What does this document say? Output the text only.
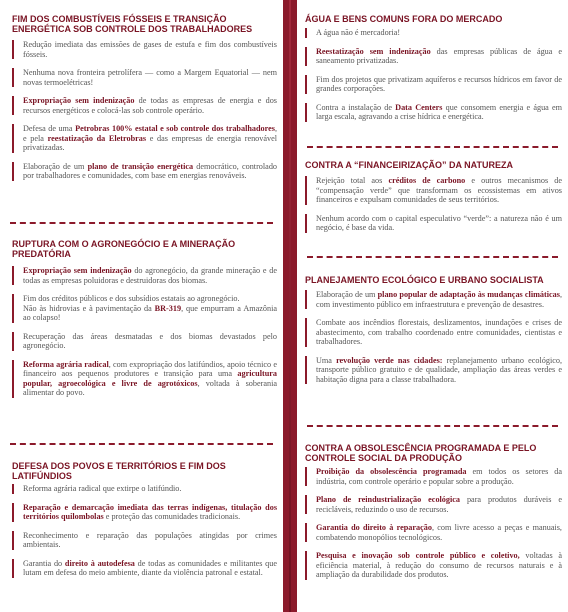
FIM DOS COMBUSTÍVEIS FÓSSEIS E TRANSIÇÃO ENERGÉTICA SOB CONTROLE DOS TRABALHADORES
Redução imediata das emissões de gases de estufa e fim dos combustíveis fósseis.
Nenhuma nova fronteira petrolífera — como a Margem Equatorial — nem novas termoelétricas!
Expropriação sem indenização de todas as empresas de energia e dos recursos energéticos e colocá-las sob controle operário.
Defesa de uma Petrobras 100% estatal e sob controle dos trabalhadores, e pela reestatização da Eletrobras e das empresas de energia renovável privatizadas.
Elaboração de um plano de transição energética democrático, controlado por trabalhadores e comunidades, com base em energias renováveis.
RUPTURA COM O AGRONEGÓCIO E A MINERAÇÃO PREDATÓRIA
Expropriação sem indenização do agronegócio, da grande mineração e de todas as empresas poluidoras e destruidoras dos biomas.
Fim dos créditos públicos e dos subsídios estatais ao agronegócio.
Não às hidrovias e à pavimentação da BR-319, que empurram a Amazônia ao colapso!
Recuperação das áreas desmatadas e dos biomas devastados pelo agronegócio.
Reforma agrária radical, com expropriação dos latifúndios, apoio técnico e financeiro aos pequenos produtores e transição para uma agricultura popular, agroecológica e livre de agrotóxicos, voltada à soberania alimentar do povo.
DEFESA DOS POVOS E TERRITÓRIOS E FIM DOS LATIFÚNDIOS
Reforma agrária radical que extirpe o latifúndio.
Reparação e demarcação imediata das terras indígenas, titulação dos territórios quilombolas e proteção das comunidades tradicionais.
Reconhecimento e reparação das populações atingidas por crimes ambientais.
Garantia do direito à autodefesa de todas as comunidades e militantes que lutam em defesa do meio ambiente, diante da violência patronal e estatal.
ÁGUA E BENS COMUNS FORA DO MERCADO
A água não é mercadoria!
Reestatização sem indenização das empresas públicas de água e saneamento privatizadas.
Fim dos projetos que privatizam aquíferos e recursos hídricos em favor de grandes corporações.
Contra a instalação de Data Centers que consomem energia e água em larga escala, agravando a crise hídrica e energética.
CONTRA A “FINANCEIRIZAÇÃO” DA NATUREZA
Rejeição total aos créditos de carbono e outros mecanismos de “compensação verde” que transformam os ecossistemas em ativos financeiros e expulsam comunidades de seus territórios.
Nenhum acordo com o capital especulativo “verde”: a natureza não é um negócio, é base da vida.
PLANEJAMENTO ECOLÓGICO E URBANO SOCIALISTA
Elaboração de um plano popular de adaptação às mudanças climáticas, com investimento público em infraestrutura e prevenção de desastres.
Combate aos incêndios florestais, deslizamentos, inundações e crises de abastecimento, com trabalho coordenado entre comunidades, cientistas e trabalhadores.
Uma revolução verde nas cidades: replanejamento urbano ecológico, transporte público gratuito e de qualidade, ampliação das áreas verdes e habitação digna para a classe trabalhadora.
CONTRA A OBSOLESCÊNCIA PROGRAMADA E PELO CONTROLE SOCIAL DA PRODUÇÃO
Proibição da obsolescência programada em todos os setores da indústria, com controle operário e popular sobre a produção.
Plano de reindustrialização ecológica para produtos duráveis e recicláveis, reduzindo o uso de recursos.
Garantia do direito à reparação, com livre acesso a peças e manuais, combatendo monopólios tecnológicos.
Pesquisa e inovação sob controle público e coletivo, voltadas à eficiência material, à redução do consumo de recursos naturais e à ampliação da durabilidade dos produtos.
